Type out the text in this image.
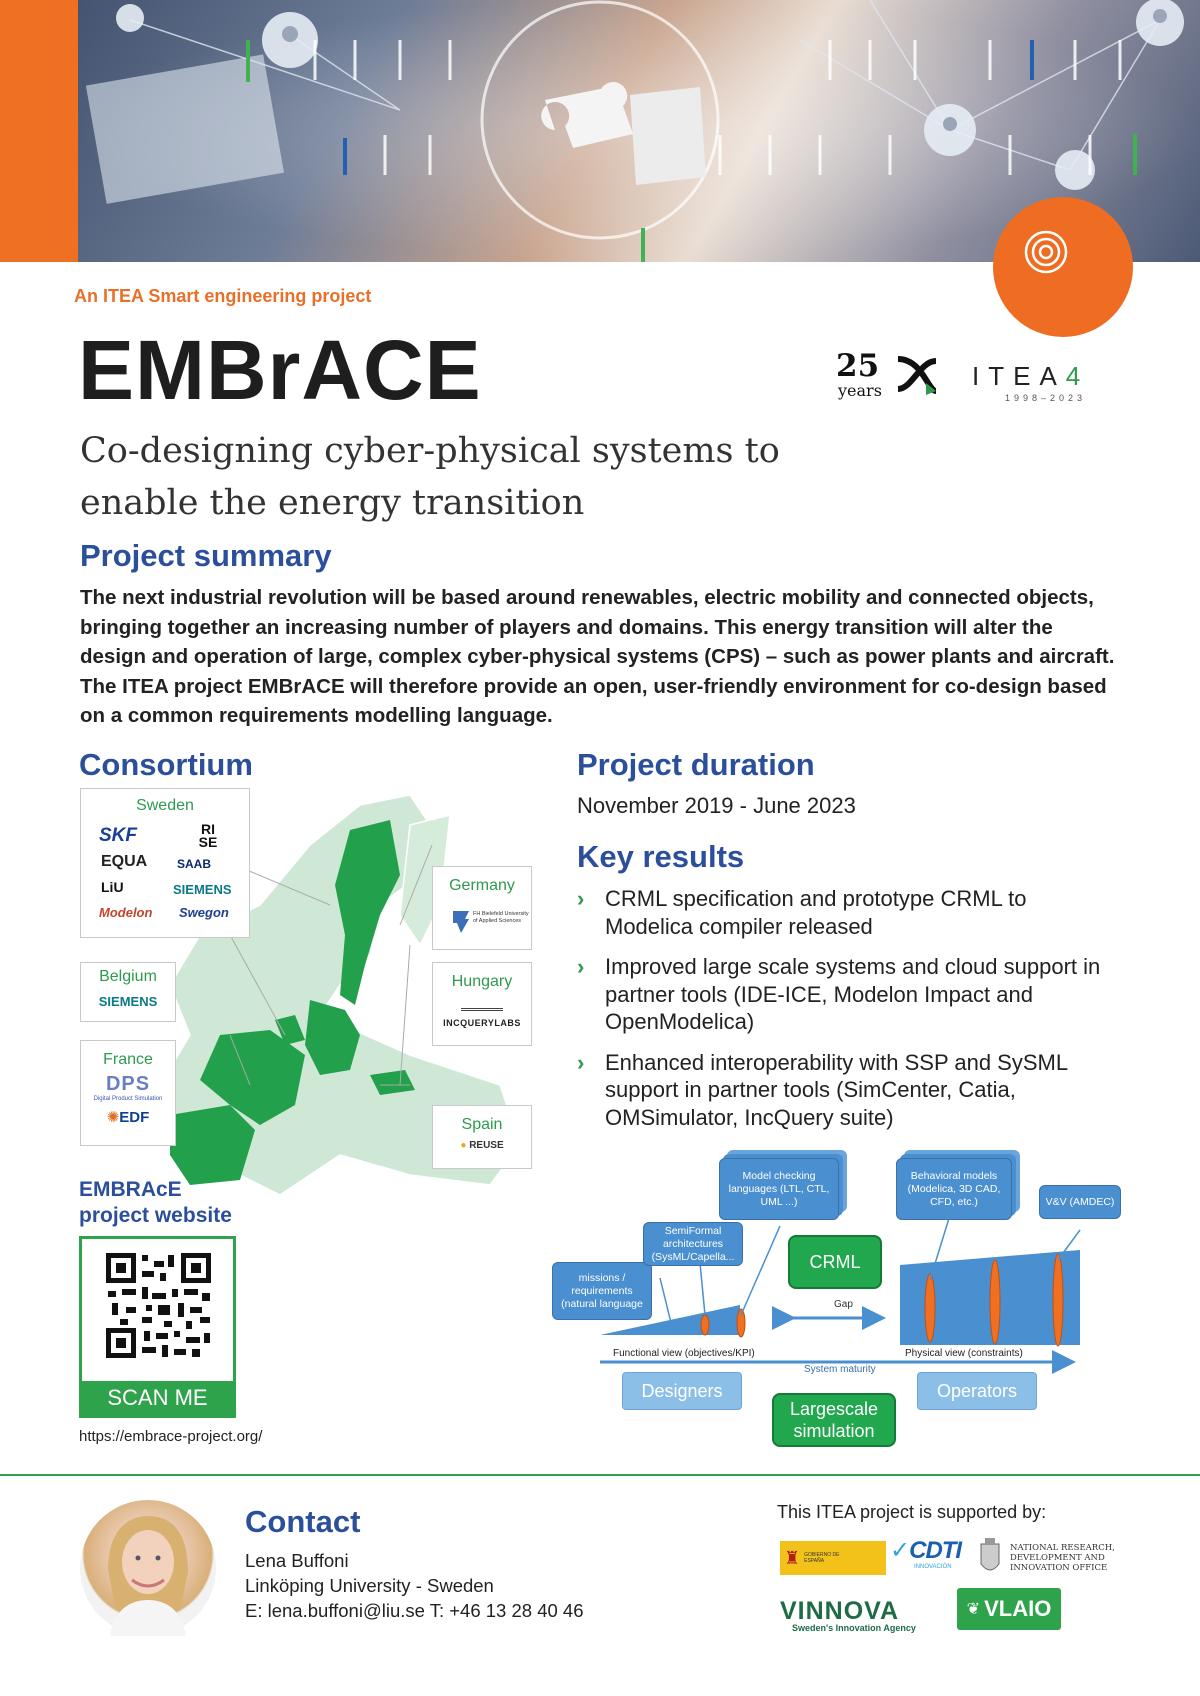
An ITEA Smart engineering project
EMBrACE
Co-designing cyber-physical systems to enable the energy transition
25
years	ITEA4
1998–2023
Project summary
The next industrial revolution will be based around renewables, electric mobility and connected objects, bringing together an increasing number of players and domains. This energy transition will alter the design and operation of large, complex cyber-physical systems (CPS) – such as power plants and aircraft. The ITEA project EMBrACE will therefore provide an open, user-friendly environment for co-design based on a common requirements modelling language.
Consortium
Sweden
SKF	RI SE
EQUA SAAB
LiU	SIEMENS
Modelon Swegon
Belgium
SIEMENS
France
DPS
Digital Product Simulation
✺EDF
Germany
FH Bielefeld University of Applied Sciences
Hungary
INCQUERYLABS
Spain
● REUSE
EMBRAcE
project website
SCAN ME
https://embrace-project.org/
Project duration
November 2019 - June 2023
Key results
› CRML specification and prototype CRML to Modelica compiler released
› Improved large scale systems and cloud support in partner tools (IDE-ICE, Modelon Impact and OpenModelica)
› Enhanced interoperability with SSP and SySML support in partner tools (SimCenter, Catia, OMSimulator, IncQuery suite)
missions / requirements (natural language
SemiFormal architectures (SysML/Capella...
Model checking languages (LTL, CTL, UML ...)
CRML
Gap
Behavioral models (Modelica, 3D CAD, CFD, etc.)	V&V (AMDEC)
Functional view (objectives/KPI)	Physical view (constraints)
System maturity
Designers	Operators
Largescale simulation
Contact
Lena Buffoni
Linköping University - Sweden
E: lena.buffoni@liu.se T: +46 13 28 40 46
This ITEA project is supported by:
♜ GOBIERNO DE ESPAÑA	✓CDTI
INNOVACIÓN
NATIONAL RESEARCH, DEVELOPMENT AND INNOVATION OFFICE
VINNOVA
Sweden's Innovation Agency
❦ VLAIO
